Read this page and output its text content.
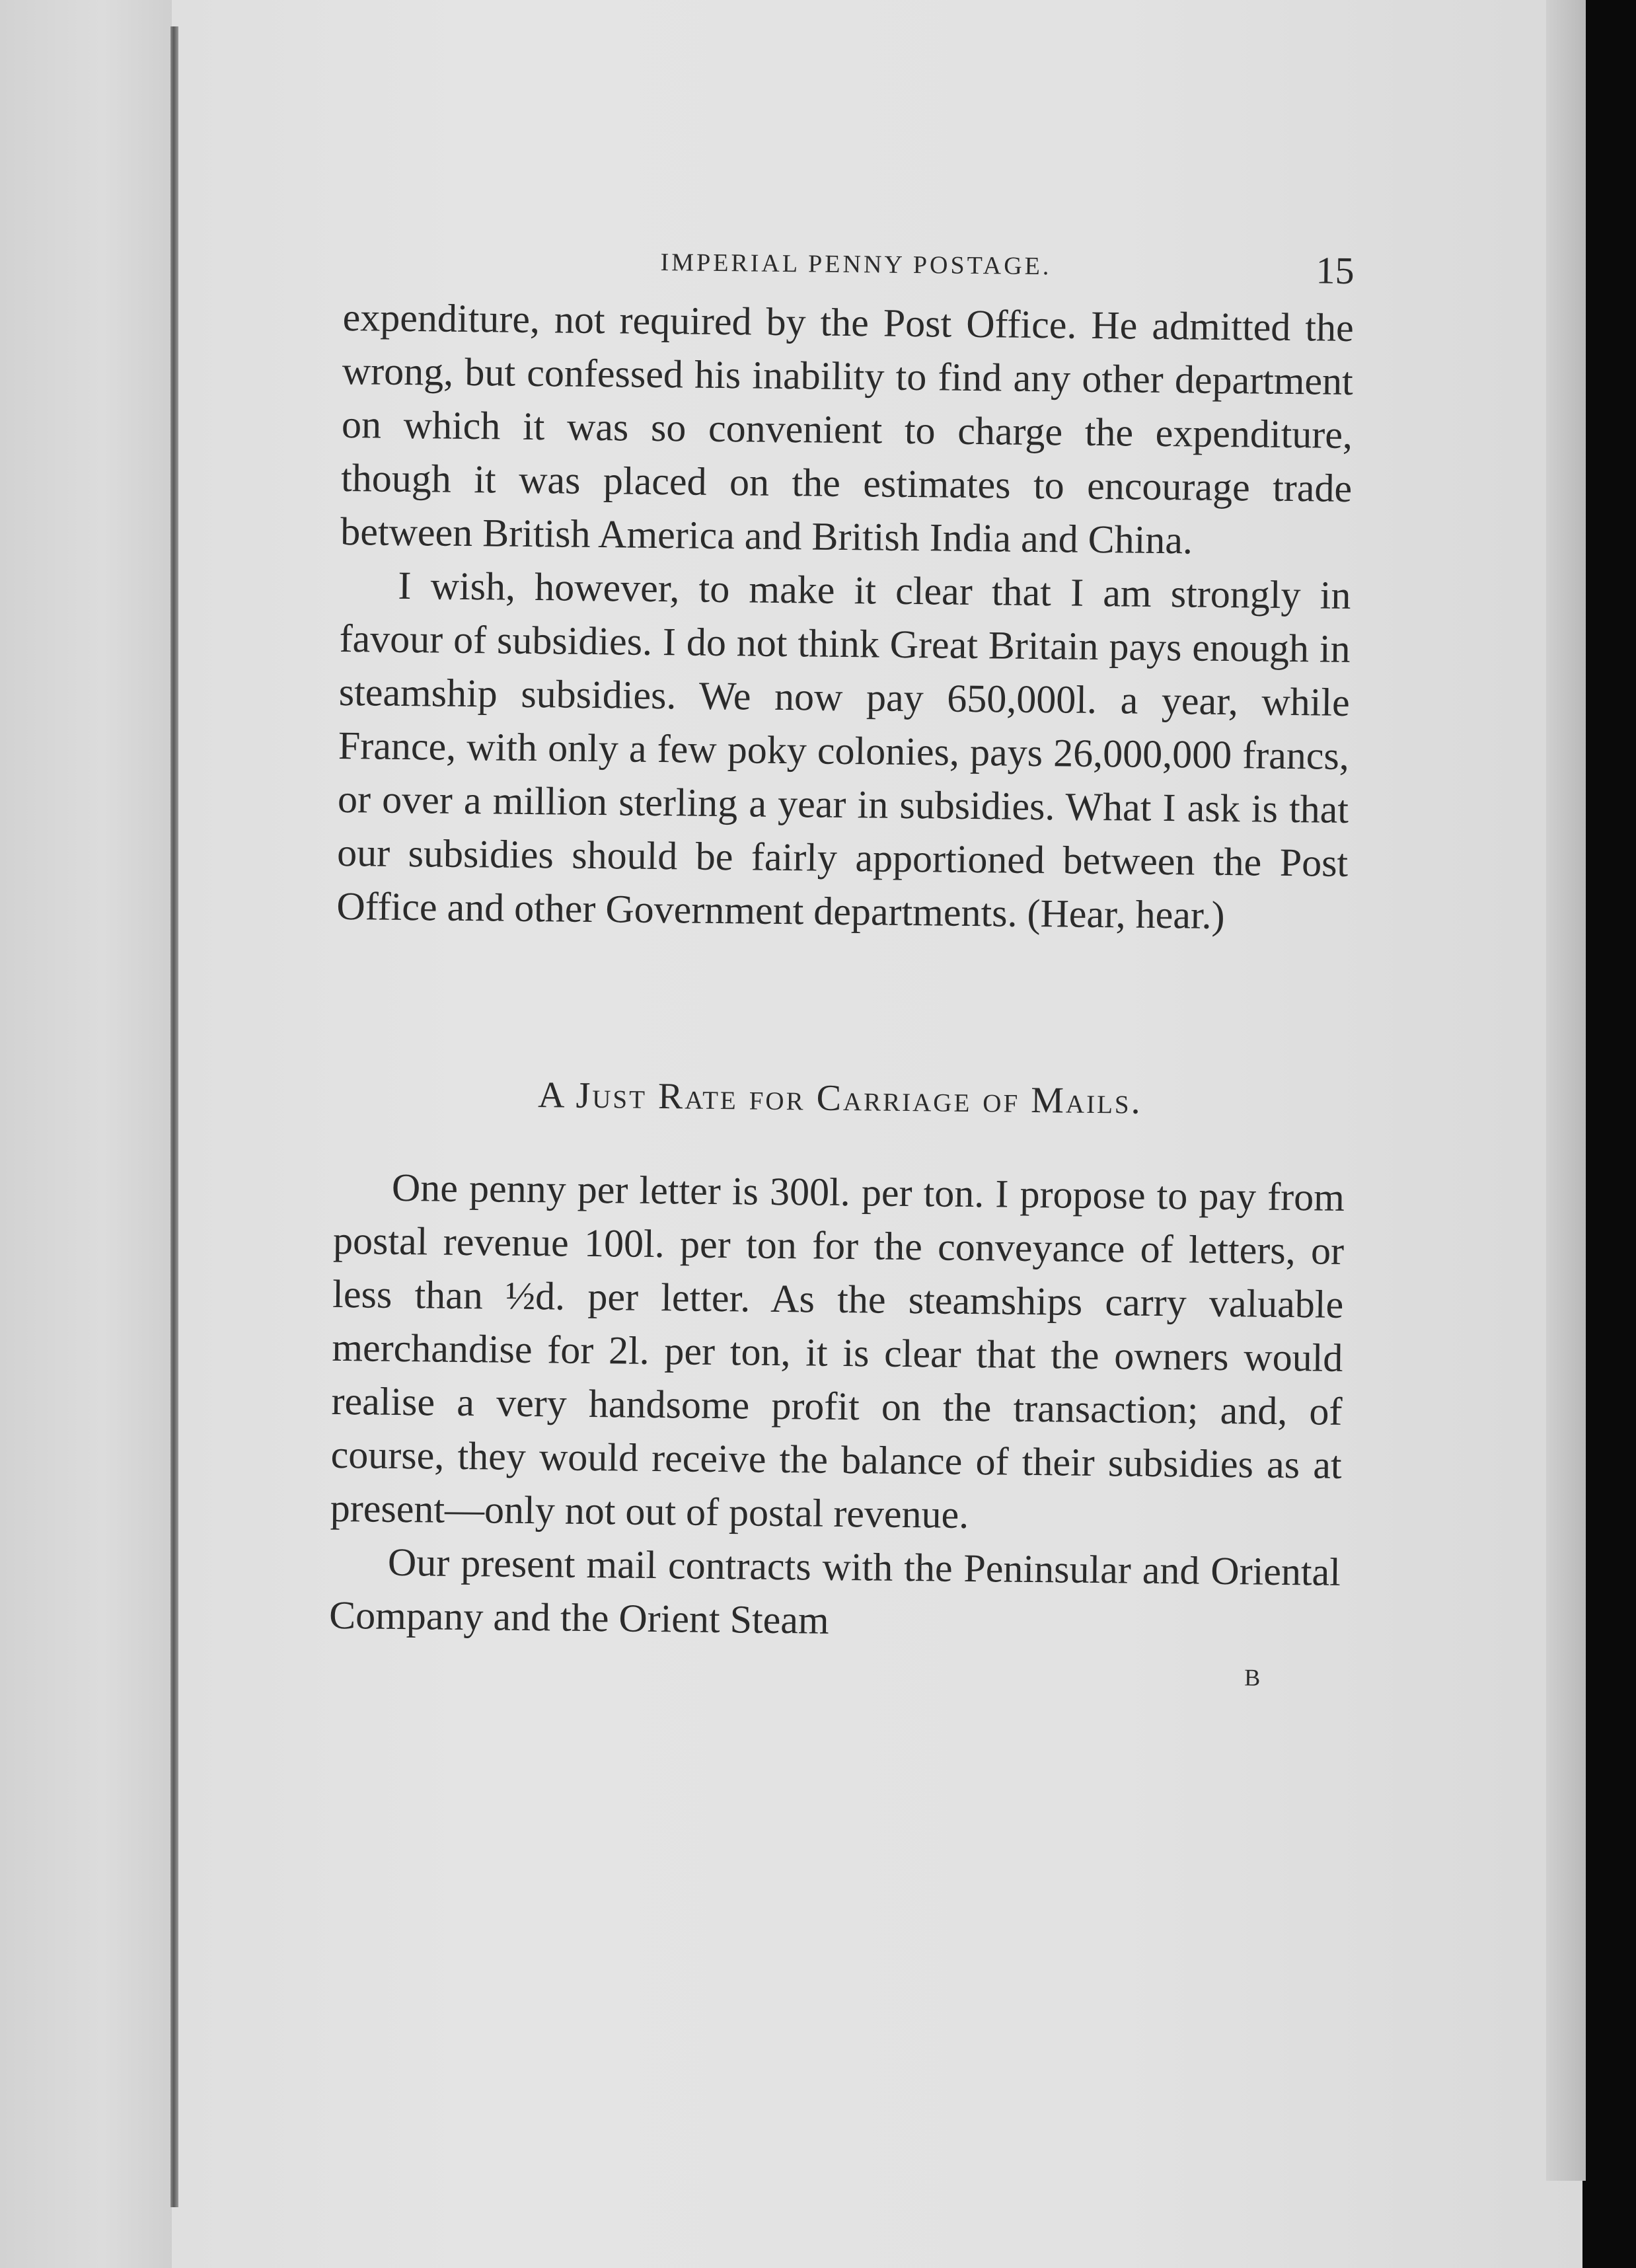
IMPERIAL PENNY POSTAGE.	15

expenditure, not required by the Post Office. He admitted the wrong, but confessed his inability to find any other department on which it was so convenient to charge the expenditure, though it was placed on the estimates to encourage trade between British America and British India and China.

I wish, however, to make it clear that I am strongly in favour of subsidies. I do not think Great Britain pays enough in steamship subsidies. We now pay 650,000l. a year, while France, with only a few poky colonies, pays 26,000,000 francs, or over a million sterling a year in subsidies. What I ask is that our subsidies should be fairly apportioned between the Post Office and other Government departments. (Hear, hear.)

A Just Rate for Carriage of Mails.

One penny per letter is 300l. per ton. I propose to pay from postal revenue 100l. per ton for the conveyance of letters, or less than ½d. per letter. As the steamships carry valuable merchandise for 2l. per ton, it is clear that the owners would realise a very handsome profit on the transaction; and, of course, they would receive the balance of their subsidies as at present—only not out of postal revenue.

Our present mail contracts with the Peninsular and Oriental Company and the Orient Steam

B
